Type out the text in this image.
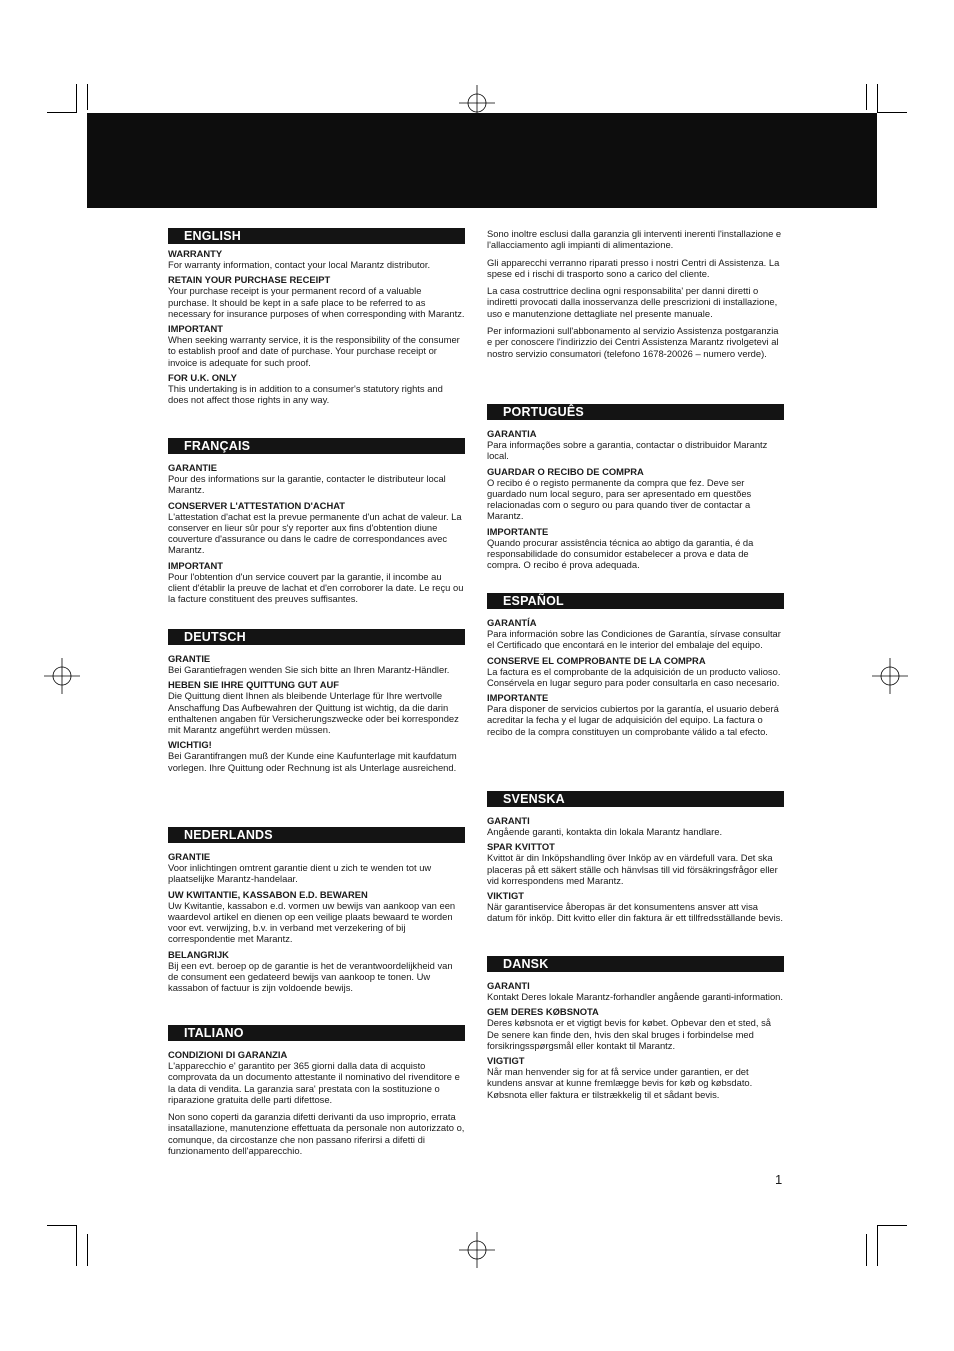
ENGLISH
WARRANTY
For warranty information, contact your local Marantz distributor.
RETAIN YOUR PURCHASE RECEIPT
Your purchase receipt is your permanent record of a valuable purchase. It should be kept in a safe place to be referred to as necessary for insurance purposes of when corresponding with Marantz.
IMPORTANT
When seeking warranty service, it is the responsibility of the consumer to establish proof and date of purchase. Your purchase receipt or invoice is adequate for such proof.
FOR U.K. ONLY
This undertaking is in addition to a consumer's statutory rights and does not affect those rights in any way.
FRANÇAIS
GARANTIE
Pour des informations sur la garantie, contacter le distributeur local Marantz.
CONSERVER L'ATTESTATION D'ACHAT
L'attestation d'achat est la prevue permanente d'un achat de valeur. La conserver en lieur sûr pour s'y reporter aux fins d'obtention diune couverture d'assurance ou dans le cadre de correspondances avec Marantz.
IMPORTANT
Pour l'obtention d'un service couvert par la garantie, il incombe au client d'établir la preuve de lachat et d'en corroborer la date. Le reçu ou la facture constituent des preuves suffisantes.
DEUTSCH
GRANTIE
Bei Garantiefragen wenden Sie sich bitte an Ihren Marantz-Händler.
HEBEN SIE IHRE QUITTUNG GUT AUF
Die Quittung dient Ihnen als bleibende Unterlage für Ihre wertvolle Anschaffung Das Aufbewahren der Quittung ist wichtig, da die darin enthaltenen angaben für Versicherungszwecke oder bei korrespondez mit Marantz angeführt werden müssen.
WICHTIG!
Bei Garantifrangen muß der Kunde eine Kaufunterlage mit kaufdatum vorlegen. Ihre Quittung oder Rechnung ist als Unterlage ausreichend.
NEDERLANDS
GRANTIE
Voor inlichtingen omtrent garantie dient u zich te wenden tot uw plaatselijke Marantz-handelaar.
UW KWITANTIE, KASSABON E.D. BEWAREN
Uw Kwitantie, kassabon e.d. vormen uw bewijs van aankoop van een waardevol artikel en dienen op een veilige plaats bewaard te worden voor evt. verwijzing, b.v. in verband met verzekering of bij correspondentie met Marantz.
BELANGRIJK
Bij een evt. beroep op de garantie is het de verantwoordelijkheid van de consument een gedateerd bewijs van aankoop te tonen. Uw kassabon of factuur is zijn voldoende bewijs.
ITALIANO
CONDIZIONI DI GARANZIA
L'apparecchio e' garantito per 365 giorni dalla data di acquisto comprovata da un documento attestante il nominativo del rivenditore e la data di vendita. La garanzia sara' prestata con la sostituzione o riparazione gratuita delle parti difettose.
Non sono coperti da garanzia difetti derivanti da uso improprio, errata insatallazione, manutenzione effettuata da personale non autorizzato o, comunque, da circostanze che non passano riferirsi a difetti di funzionamento dell'apparecchio.
Sono inoltre esclusi dalla garanzia gli interventi inerenti l'installazione e l'allacciamento agli impianti di alimentazione.
Gli apparecchi verranno riparati presso i nostri Centri di Assistenza. La spese ed i rischi di trasporto sono a carico del cliente.
La casa costruttrice declina ogni responsabilita' per danni diretti o indiretti provocati dalla inosservanza delle prescrizioni di installazione, uso e manutenzione dettagliate nel presente manuale.
Per informazioni sull'abbonamento al servizio Assistenza postgaranzia e per conoscere l'indirizzio dei Centri Assistenza Marantz rivolgetevi al nostro servizio consumatori (telefono 1678-20026 – numero verde).
PORTUGUÊS
GARANTIA
Para informações sobre a garantia, contactar o distribuidor Marantz local.
GUARDAR O RECIBO DE COMPRA
O recibo é o registo permanente da compra que fez. Deve ser guardado num local seguro, para ser apresentado em questões relacionadas com o seguro ou para quando tiver de contactar a Marantz.
IMPORTANTE
Quando procurar assistência técnica ao abtigo da garantia, é da responsabilidade do consumidor estabelecer a prova e data de compra. O recibo é prova adequada.
ESPAÑOL
GARANTÍA
Para información sobre las Condiciones de Garantía, sírvase consultar el Certificado que encontará en le interior del embalaje del equipo.
CONSERVE EL COMPROBANTE DE LA COMPRA
La factura es el comprobante de la adquisición de un producto valioso. Consérvela en lugar seguro para poder consultarla en caso necesario.
IMPORTANTE
Para disponer de servicios cubiertos por la garantía, el usuario deberá acreditar la fecha y el lugar de adquisición del equipo. La factura o recibo de la compra constituyen un comprobante válido a tal efecto.
SVENSKA
GARANTI
Angående garanti, kontakta din lokala Marantz handlare.
SPAR KVITTOT
Kvittot är din Inköpshandling över Inköp av en värdefull vara. Det ska placeras på ett säkert ställe och hänvlsas till vid försäkringsfrågor eller vid korrespondens med Marantz.
VIKTIGT
När garantiservice åberopas är det konsumentens ansver att visa datum för inköp. Ditt kvitto eller din faktura är ett tillfredsställande bevis.
DANSK
GARANTI
Kontakt Deres lokale Marantz-forhandler angående garanti-information.
GEM DERES KØBSNOTA
Deres købsnota er et vigtigt bevis for købet. Opbevar den et sted, så De senere kan finde den, hvis den skal bruges i forbindelse med forsikringsspørgsmål eller kontakt til Marantz.
VIGTIGT
Når man henvender sig for at få service under garantien, er det kundens ansvar at kunne fremlægge bevis for køb og købsdato. Købsnota eller faktura er tilstrækkelig til et sådant bevis.
1
